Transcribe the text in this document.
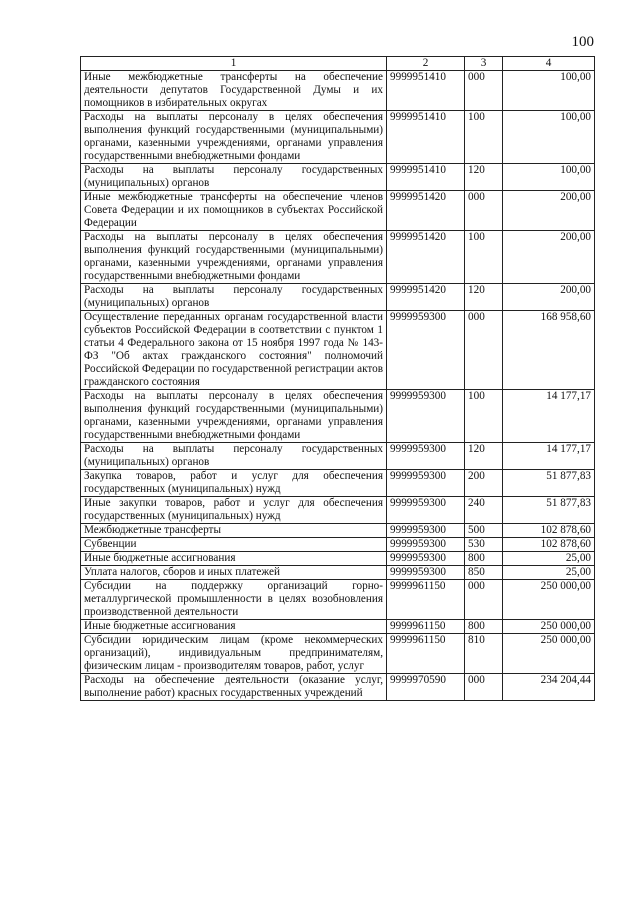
100
1	2	3	4
Иные межбюджетные трансферты на обеспечение деятельности депутатов Государственной Думы и их помощников в избирательных округах	9999951410	000	100,00
Расходы на выплаты персоналу в целях обеспечения выполнения функций государственными (муниципальными) органами, казенными учреждениями, органами управления государственными внебюджетными фондами	9999951410	100	100,00
Расходы на выплаты персоналу государственных (муниципальных) органов	9999951410	120	100,00
Иные межбюджетные трансферты на обеспечение членов Совета Федерации и их помощников в субъектах Российской Федерации	9999951420	000	200,00
Расходы на выплаты персоналу в целях обеспечения выполнения функций государственными (муниципальными) органами, казенными учреждениями, органами управления государственными внебюджетными фондами	9999951420	100	200,00
Расходы на выплаты персоналу государственных (муниципальных) органов	9999951420	120	200,00
Осуществление переданных органам государственной власти субъектов Российской Федерации в соответствии с пунктом 1 статьи 4 Федерального закона от 15 ноября 1997 года № 143-ФЗ "Об актах гражданского состояния" полномочий Российской Федерации по государственной регистрации актов гражданского состояния	9999959300	000	168 958,60
Расходы на выплаты персоналу в целях обеспечения выполнения функций государственными (муниципальными) органами, казенными учреждениями, органами управления государственными внебюджетными фондами	9999959300	100	14 177,17
Расходы на выплаты персоналу государственных (муниципальных) органов	9999959300	120	14 177,17
Закупка товаров, работ и услуг для обеспечения государственных (муниципальных) нужд	9999959300	200	51 877,83
Иные закупки товаров, работ и услуг для обеспечения государственных (муниципальных) нужд	9999959300	240	51 877,83
Межбюджетные трансферты	9999959300	500	102 878,60
Субвенции	9999959300	530	102 878,60
Иные бюджетные ассигнования	9999959300	800	25,00
Уплата налогов, сборов и иных платежей	9999959300	850	25,00
Субсидии на поддержку организаций горно-металлургической промышленности в целях возобновления производственной деятельности	9999961150	000	250 000,00
Иные бюджетные ассигнования	9999961150	800	250 000,00
Субсидии юридическим лицам (кроме некоммерческих организаций), индивидуальным предпринимателям, физическим лицам - производителям товаров, работ, услуг	9999961150	810	250 000,00
Расходы на обеспечение деятельности (оказание услуг, выполнение работ) красных государственных учреждений	9999970590	000	234 204,44
